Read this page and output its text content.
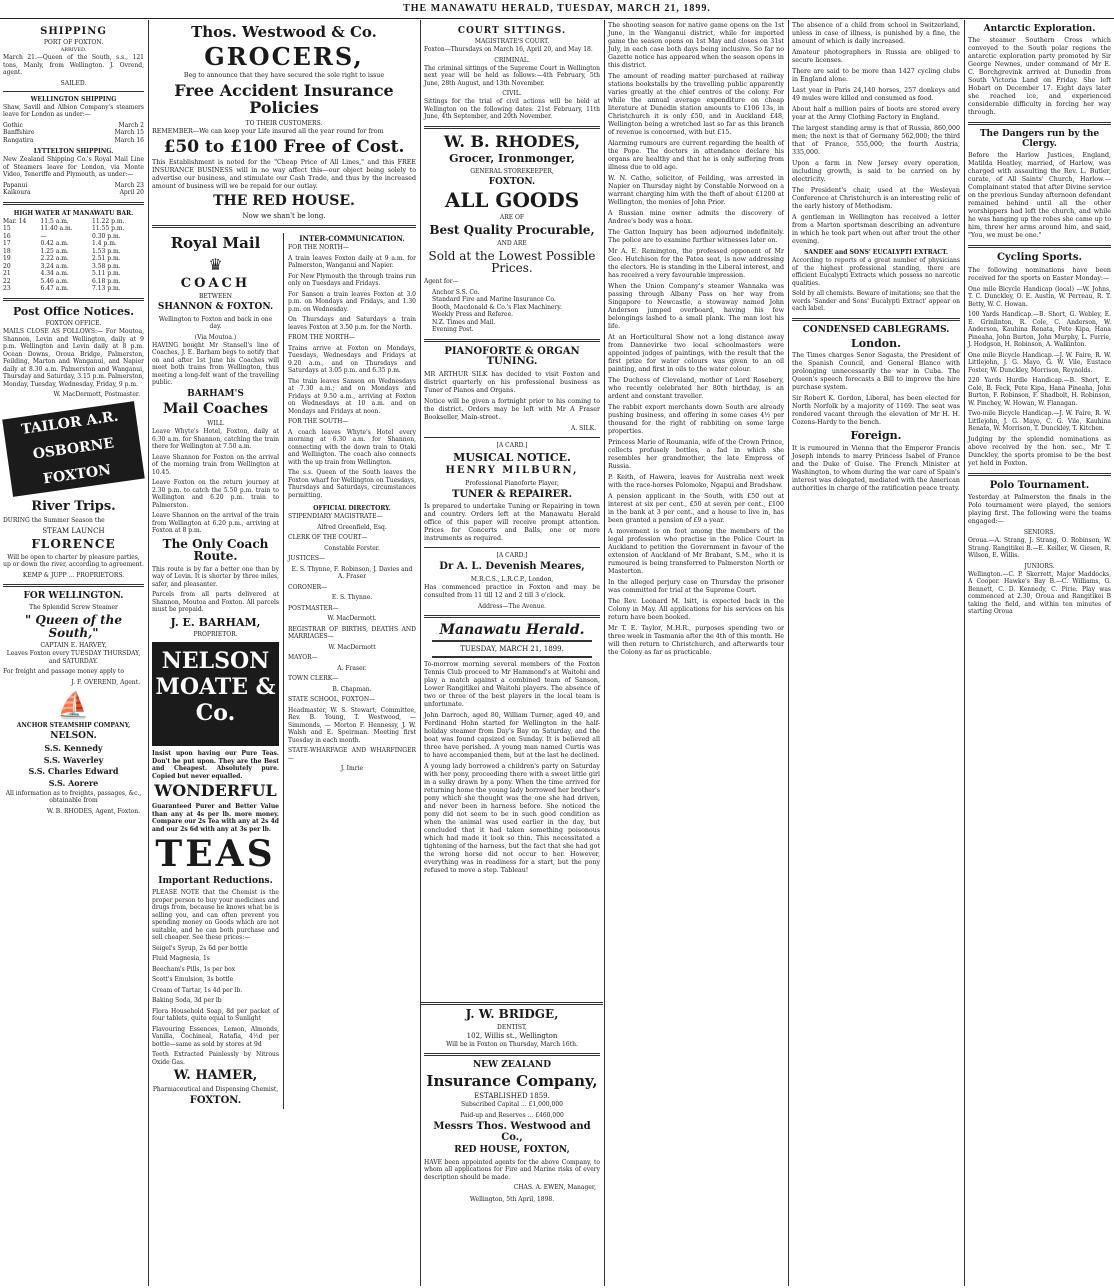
THE MANAWATU HERALD, TUESDAY, MARCH 21, 1899.
SHIPPING
PORT OF FOXTON.
ARRIVED.

March 21.—Queen of the South, s.s., 121 tons, Manly, from Wellington. J. Ovrend, agent.

SAILED.
WELLINGTON SHIPPING

Shaw, Savill and Albion Company's steamers leave for London as under:—

Gothic	March 2
Banffshire	March 15
Rangatira	March 16
LYTTELTON SHIPPING.

New Zealand Shipping Co.'s Royal Mail Line of Steamers leave for London, via Monte Video, Teneriffe and Plymouth, as under:—

Papanui	March 23
Kaikoura	April 20
HIGH WATER AT MANAWATU BAR.
Mar. 14	11.5 a.m.	11.22 p.m.
15	11.40 a.m.	11.55 p.m.
16	—	0.30 p.m.
17	0.42 a.m.	1.4 p.m.
18	1.25 a.m.	1.53 p.m.
19	2.22 a.m.	2.51 p.m.
20	3.24 a.m.	3.58 p.m.
21	4.34 a.m.	5.11 p.m.
22	5.46 a.m.	6.18 p.m.
23	6.47 a.m.	7.13 p.m.
Post Office Notices.
FOXTON OFFICE.

MAILS CLOSE AS FOLLOWS:— For Moutoa, Shannon, Levin and Wellington, daily at 9 p.m. Wellington and Levin daily at 8 p.m. Ocean Downs, Oroua Bridge, Palmerston, Feilding, Marton and Wanganui, and Napier daily at 8.30 a.m. Palmerston and Wanganui, Thursday and Saturday, 3.15 p.m. Palmerston, Monday, Tuesday, Wednesday, Friday, 9 p.m.

W. MacDermott, Postmaster.
TAILOR A.R. OSBORNE FOXTON
River Trips.

DURING the Summer Season the

STEAM LAUNCH
FLORENCE

Will be open to charter by pleasure parties, up or down the river, according to agreement.

KEMP & JUPP ... PROPRIETORS.
FOR WELLINGTON.
The Splendid Screw Steamer
" Queen of the South,"
CAPTAIN E. HARVEY,

Leaves Foxton every TUESDAY THURSDAY, and SATURDAY.

For freight and passage money apply to

J. F. OVEREND, Agent.
⛵
ANCHOR STEAMSHIP COMPANY,
NELSON.
S.S. Kennedy
S.S. Waverley
S.S. Charles Edward
S.S. Aorere

All information as to freights, passages, &c., obtainable from

W. B. RHODES, Agent, Foxton.
Thos. Westwood & Co.
GROCERS,

Beg to announce that they have secured the sole right to issue

Free Accident Insurance Policies
TO THEIR CUSTOMERS.

REMEMBER—We can keep your Life insured all the year round for from

£50 to £100 Free of Cost.

This Establishment is noted for the "Cheap Price of All Lines," and this FREE INSURANCE BUSINESS will in no way affect this—our object being solely to advertise our business, and stimulate our Cash Trade, and thus by the increased amount of business will we be repaid for our outlay.

THE RED HOUSE.
Now we shan't be long.
Royal Mail
♛
COACH
BETWEEN
SHANNON & FOXTON.

Wellington to Foxton and back in one day.

(Via Moutoa.)

HAVING bought Mr Stansell's line of Coaches, J. E. Barham begs to notify that on and after 1st June his Coaches will meet both trains from Wellington, thus meeting a long-felt want of the travelling public.

BARHAM'S
Mail Coaches
WILL

Leave Whyte's Hotel, Foxton, daily at 6.30 a.m. for Shannon, catching the train there for Wellington at 7.50 a.m.

Leave Shannon for Foxton on the arrival of the morning train from Wellington at 10.45.

Leave Foxton on the return journey at 2.30 p.m. to catch the 5.50 p.m. train to Wellington and 6.20 p.m. train to Palmerston.

Leave Shannon on the arrival of the train from Wellington at 6.20 p.m., arriving at Foxton at 8 p.m.

The Only Coach Route.

This route is by far a better one than by way of Levin. It is shorter by three miles, safer, and pleasanter.

Parcels from all parts delivered at Shannon, Moutoa and Foxton. All parcels must be prepaid.

J. E. BARHAM,
PROPRIETOR.
NELSON MOATE & Co.

Insist upon having our Pure Teas. Don't be put upon. They are the Best and Cheapest. Absolutely pure. Copied but never equalled.

WONDERFUL

Guaranteed Purer and Better Value than any at 4s per lb. more money. Compare our 2s Tea with any at 2s 4d and our 2s 6d with any at 3s per lb.

TEAS
Important Reductions.

PLEASE NOTE that the Chemist is the proper person to buy your medicines and drugs from, because he knows what he is selling you, and can often prevent you spending money on Goods which are not suitable, and he can both purchase and sell cheaper. See these prices:—

Seigel's Syrup, 2s 6d per bottle

Fluid Magnesia, 1s

Beecham's Pills, 1s per box

Scott's Emulsion, 3s bottle

Cream of Tartar, 1s 4d per lb.

Baking Soda, 3d per lb

Flora Household Soap, 8d per packet of four tablets, quite equal to Sunlight

Flavouring Essences, Lemon, Almonds, Vanilla, Cochineal, Ratafia, 4½d per bottle—same as sold by stores at 9d

Teeth Extracted Painlessly by Nitrous Oxide Gas.

W. HAMER,
Pharmaceutical and Dispensing Chemist,
FOXTON.
INTER-COMMUNICATION.

FOR THE NORTH—

A train leaves Foxton daily at 9 a.m. for Palmerston, Wanganui and Napier.

For New Plymouth the through trains run only on Tuesdays and Fridays.

For Sanson a train leaves Foxton at 3.0 p.m. on Mondays and Fridays, and 1.30 p.m. on Wednesday.

On Thursdays and Saturdays a train leaves Foxton at 3.50 p.m. for the North.

FROM THE NORTH—

Trains arrive at Foxton on Mondays, Tuesdays, Wednesdays and Fridays at 9.20 a.m., and on Thursdays and Saturdays at 3.05 p.m. and 6.35 p.m.

The train leaves Sanson on Wednesdays at 7.30 a.m.; and on Mondays and Fridays at 9.50 a.m., arriving at Foxton on Wednesdays at 10 a.m. and on Mondays and Fridays at noon.

FOR THE SOUTH—

A coach leaves Whyte's Hotel every morning at 6.30 a.m. for Shannon, connecting with the down train to Otaki and Wellington. The coach also connects with the up train from Wellington.

The s.s. Queen of the South leaves the Foxton wharf for Wellington on Tuesdays, Thursdays and Saturdays, circumstances permitting.

OFFICIAL DIRECTORY.

STIPENDIARY MAGISTRATE—

Alfred Greenfield, Esq.

CLERK OF THE COURT—

Constable Forster.

JUSTICES—

E. S. Thynne, F. Robinson, J. Davies and A. Fraser

CORONER—

E. S. Thynne.

POSTMASTER—

W. MacDermott.

REGISTRAR OF BIRTHS, DEATHS AND MARRIAGES—

W. MacDermott

MAYOR—

A. Fraser.

TOWN CLERK—

B. Chapman.

STATE SCHOOL, FOXTON—

Headmaster, W. S. Stewart; Committee, Rev. B. Young, T. Westwood, — Simmonds, — Morton F. Hennessy, J. W. Walsh and E. Speirman. Meeting first Tuesday in each month.

STATE-WHARFAGE AND WHARFINGER—

J. Imrie

COURT SITTINGS.
MAGISTRATE'S COURT.

Foxton—Thursdays on March 16, April 20, and May 18.

CRIMINAL.

The criminal sittings of the Supreme Court in Wellington next year will be held as follows:—4th February, 5th June, 28th August, and 13th November.

CIVIL.

Sittings for the trial of civil actions will be held at Wellington on the following dates: 21st February, 11th June, 4th September, and 20th November.

W. B. RHODES,
Grocer, Ironmonger,
GENERAL STOREKEEPER,
FOXTON.
ALL GOODS
ARE OF
Best Quality Procurable,
AND ARE
Sold at the Lowest Possible Prices.

Agent for—

Anchor S.S. Co.

Standard Fire and Marine Insurance Co.

Booth, Macdonald & Co.'s Flax Machinery.

Weekly Press and Referee.

N.Z. Times and Mail.

Evening Post.

PIANOFORTE & ORGAN TUNING.

MR ARTHUR SILK has decided to visit Foxton and district quarterly on his professional business as Tuner of Pianos and Organs.

Notice will be given a fortnight prior to his coming to the district. Orders may be left with Mr A Fraser Bookseller, Main-street.

A. SILK.
[A CARD.]
MUSICAL NOTICE.
HENRY MILBURN,
Professional Pianoforte Player,
TUNER & REPAIRER.

Is prepared to undertake Tuning or Repairing in town and country. Orders left at the Manawatu Herald office of this paper will receive prompt attention. Prices for Concerts and Balls, one or more instruments as required.

[A CARD.]
Dr A. L. Devenish Meares,
M.R.C.S., L.R.C.P., London,

Has commenced practice in Foxton and may be consulted from 11 till 12 and 2 till 3 o'clock.

Address—The Avenue.
Manawatu Herald.
TUESDAY, MARCH 21, 1899.

To-morrow morning several members of the Foxton Tennis Club proceed to Mr Hammond's at Waitohi and play a match against a combined team of Sanson, Lower Rangitikei and Waitohi players. The absence of two or three of the best players in the local team is unfortunate.

John Darroch, aged 80, William Turner, aged 49, and Ferdinand Hohn started for Wellington in the half-holiday steamer from Day's Bay on Saturday, and the boat was found capsized on Sunday. It is believed all three have perished. A young man named Curtis was to have accompanied them, but at the last he declined.

A young lady borrowed a children's party on Saturday with her pony, proceeding there with a sweet little girl in a sulky drawn by a pony. When the time arrived for returning home the young lady borrowed her brother's pony which she thought was the one she had driven, and never been in harness before. She noticed the pony did not seem to be in such good condition as when the animal was used earlier in the day, but concluded that it had taken something poisonous which had made it look so thin. This necessitated a tightening of the harness, but the fact that she had got the wrong horse did not occur to her. However, everything was in readiness for a start, but the pony refused to move a step. Tableau!

J. W. BRIDGE,
DENTIST,
102, Willis st., Wellington

Will be in Foxton on Thursday, March 16th.

NEW ZEALAND
Insurance Company,
ESTABLISHED 1859.

Subscribed Capital ... £1,000,000

Paid-up and Reserves ... £460,000

Messrs Thos. Westwood and Co.,
RED HOUSE, FOXTON,

HAVE been appointed agents for the above Company, to whom all applications for Fire and Marine risks of every description should be made.

CHAS. A. EWEN, Manager,
Wellington, 5th April, 1898.

The shooting season for native game opens on the 1st June, in the Wanganui district, while for imported game the season opens on 1st May and closes on 31st July, in each case both days being inclusive. So far no Gazette notice has appeared when the season opens in this district.

The amount of reading matter purchased at railway stations bookstalls by the travelling public apparently varies greatly at the chief centres of the colony. For while the annual average expenditure on cheap literature at Dunedin station amounts to £106 13s, in Christchurch it is only £50, and in Auckland £48, Wellington being a wretched last so far as this branch of revenue is concerned, with but £15.

Alarming rumours are current regarding the health of the Pope. The doctors in attendance declare his organs are healthy and that he is only suffering from illness due to old age.

W. N. Catho, solicitor, of Feilding, was arrested in Napier on Thursday night by Constable Norwood on a warrant charging him with the theft of about £1200 at Wellington, the monies of John Prior.

A Russian mine owner admits the discovery of Andree's body was a hoax.

The Gatton Inquiry has been adjourned indefinitely. The police are to examine further witnesses later on.

Mr A. E. Remington, the professed opponent of Mr Geo. Hutchison for the Patea seat, is now addressing the electors. He is standing in the Liberal interest, and has received a very favourable impression.

When the Union Company's steamer Wannaka was passing through Albany Pass on her way from Singapore to Newcastle, a stowaway named John Anderson jumped overboard, having his few belongings lashed to a small plank. The man lost his life.

At an Horticultural Show not a long distance away from Dannevirke two local schoolmasters were appointed judges of paintings, with the result that the first prize for water colours was given to an oil painting, and first in oils to the water colour.

The Duchess of Cleveland, mother of Lord Rosebery, who recently celebrated her 80th birthday, is an ardent and constant traveller.

The rabbit export merchants down South are already pushing business, and offering in some cases 4½ per thousand for the right of rabbiting on some large properties.

Princess Marie of Roumania, wife of the Crown Prince, collects profusely bottles, a fad in which she resembles her grandmother, the late Empress of Russia.

P. Keith, of Hawera, leaves for Australia next week with the race-horses Polomoko, Ngapui and Bradshaw.

A pension applicant in the South, with £50 out at interest at six per cent., £50 at seven per cent., £100 in the bank at 3 per cent., and a house to live in, has been granted a pension of £9 a year.

A movement is on foot among the members of the legal profession who practise in the Police Court in Auckland to petition the Government in favour of the extension of Auckland of Mr Brabant, S.M., who it is rumoured is being transferred to Palmerston North or Masterton.

In the alleged perjury case on Thursday the prisoner was committed for trial at the Supreme Court.

The Rev. Leonard M. Isitt, is expected back in the Colony in May. All applications for his services on his return have been booked.

Mr T. E. Taylor, M.H.R., purposes spending two or three week in Tasmania after the 4th of this month. He will then return to Christchurch, and afterwards tour the Colony as far as practicable.

The absence of a child from school in Switzerland, unless in case of illness, is punished by a fine, the amount of which is daily increased.

Amateur photographers in Russia are obliged to secure licenses.

There are said to be more than 1427 cycling clubs in England alone.

Last year in Paris 24,140 horses, 257 donkeys and 49 mules were killed and consumed as food.

About half a million pairs of boots are stored every year at the Army Clothing Factory in England.

The largest standing army is that of Russia, 860,000 men; the next is that of Germany 562,000; the third that of France, 555,000; the fourth Austria, 335,000.

Upon a farm in New Jersey every operation, including growth, is said to be carried on by electricity.

The President's chair, used at the Wesleyan Conference at Christchurch is an interesting relic of the early history of Methodism.

A gentleman in Wellington has received a letter from a Marton sportsman describing an adventure in which he took part when out after trout the other evening.

SANDEE and SONS' EUCALYPTI EXTRACT.

According to reports of a great number of physicians of the highest professional standing, there are efficient Eucalypti Extracts which possess no narcotic qualities.

Sold by all chemists. Beware of imitations; see that the words 'Sander and Sons' Eucalypti Extract' appear on each label.

CONDENSED CABLEGRAMS.
London.

The Times charges Senor Sagasta, the President of the Spanish Council, and General Blanco with prolonging unnecessarily the war in Cuba. The Queen's speech forecasts a Bill to improve the hire purchase system.

Sir Robert K. Gordon, Liberal, has been elected for North Norfolk by a majority of 1169. The seat was rendered vacant through the elevation of Mr H. H. Cozens-Hardy to the bench.

Foreign.

It is rumoured in Vienna that the Emperor Francis Joseph intends to marry Princess Isabel of France and the Duke of Guise. The French Minister at Washington, to whom during the war care of Spain's interest was delegated, mediated with the American authorities in charge of the ratification peace treaty.

Antarctic Exploration.

The steamer Southern Cross which conveyed to the South polar regions the antarctic exploration party promoted by Sir George Newnes, under command of Mr E. C. Borchgrevink arrived at Dunedin from South Victoria Land on Friday. She left Hobart on December 17. Eight days later she reached ice, and experienced considerable difficulty in forcing her way through.

The Dangers run by the Clergy.

Before the Harlow Justices, England, Matilda Heatley, married, of Harlow, was charged with assaulting the Rev. L. Butler, curate, of All Saints' Church, Harlow.—Complainant stated that after Divine service on the previous Sunday afternoon defendant remained behind until all the other worshippers had left the church, and while he was hanging up the robes she came up to him, threw her arms around him, and said, "You, we must be one."

Cycling Sports.

The following nominations have been received for the sports on Easter Monday:—

One mile Bicycle Handicap (local) —W. Johns, T. C. Dunckley, O. E. Austin, W. Perreau, R. T. Betty, W. C. Howan.

100 Yards Handicap.—B. Short, G. Webley, E. E. Grinlinton, R. Cole, C. Anderson, W. Anderson, Kauhina Renata, Pete Kipa, Hana Pineaha, John Burton, John Murphy, L. Furrie, J. Hodgson, H. Robinson, A. Walkinton.

One mile Bicycle Handicap.—J. W. Faire, R. W. Littlejohn, J. G. Mayo, G. W. Vile, Eustace Foster, W. Dunckley, Morrison, Reynolds.

220 Yards Hurdle Handicap.—B. Short, E. Cole, B. Feck, Pete Kipa, Hana Pineaha, John Burton, F. Robinson, F. Shadbolt, H. Robinson, W. Pinchey, W. Howan, W. Flanagan.

Two-mile Bicycle Handicap.—J. W. Faire, R. W. Littlejohn, J. G. Mayo, C. G. Vile, Kauhina Renata, W. Morrison, T. Dunckley, T. Kitchen.

Judging by the splendid nominations as above received by the hon. sec., Mr T. Dunckley, the sports promise to be the best yet held in Foxton.

Polo Tournament.

Yesterday at Palmerston the finals in the Polo tournament were played, the seniors playing first. The following were the teams engaged:—

SENIORS.

Oroua.—A. Strang, J. Strang, O. Robinson, W. Strang. Rangitikei B.—E. Keiller, W. Giesen, R. Wilson, E. Willis.

JUNIORS.

Wellington.—C. P. Skerrett, Major Maddocks, A Cooper. Hawke's Bay B.—C. Williams, G. Bennett, C. D. Kennedy, C. Pirie. Play was commenced at 2.30, Oroua and Rangitikei B taking the field, and within ten minutes of starting Oroua
